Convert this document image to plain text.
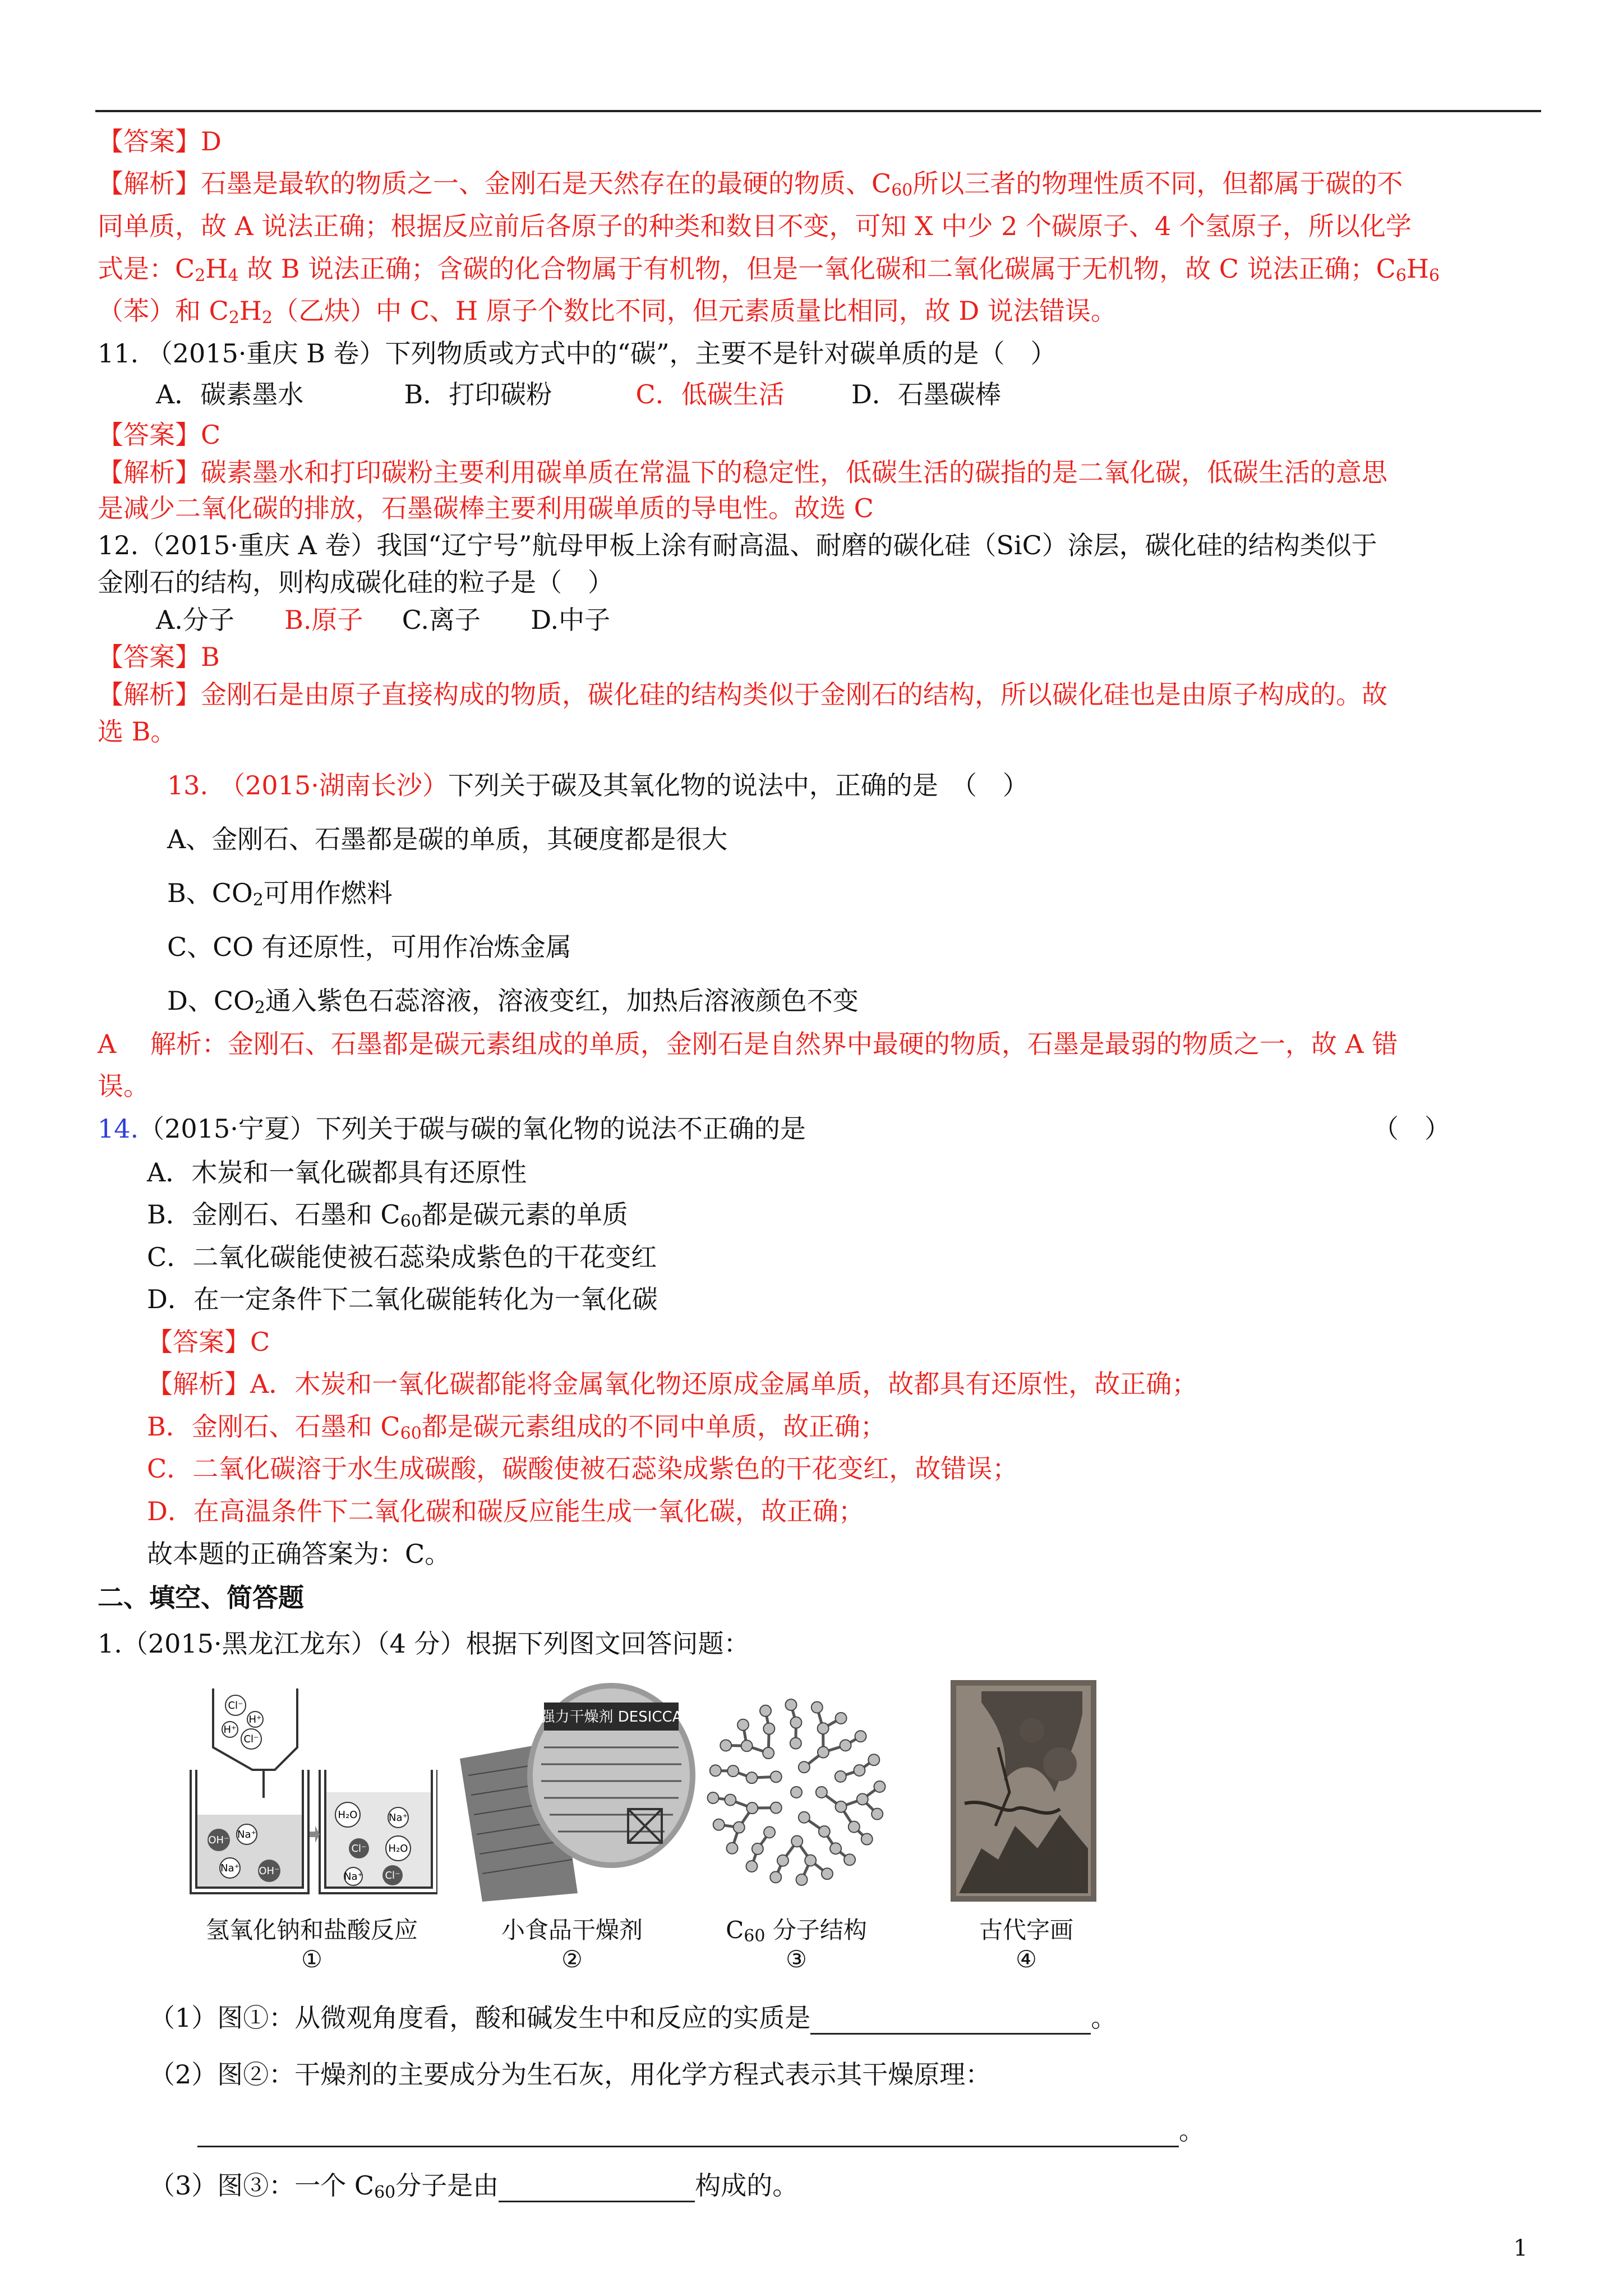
【答案】D
【解析】石墨是最软的物质之一、金刚石是天然存在的最硬的物质、$C_{60}$所以三者的物理性质不同，但都属于碳的不
同单质，故 A 说法正确；根据反应前后各原子的种类和数目不变，可知 X 中少 2 个碳原子、4 个氢原子，所以化学
式是：$C_2H_4$ 故 B 说法正确；含碳的化合物属于有机物，但是一氧化碳和二氧化碳属于无机物，故 C 说法正确；$C_6H_6$
（苯）和 $C_2H_2$（乙炔）中 C、H 原子个数比不同，但元素质量比相同，故 D 说法错误。
11. （2015·重庆 B 卷）下列物质或方式中的“碳”，主要不是针对碳单质的是（　）
A．碳素墨水	B．打印碳粉	C．低碳生活	D．石墨碳棒
【答案】C
【解析】碳素墨水和打印碳粉主要利用碳单质在常温下的稳定性，低碳生活的碳指的是二氧化碳，低碳生活的意思
是减少二氧化碳的排放，石墨碳棒主要利用碳单质的导电性。故选 C
12.（2015·重庆 A 卷）我国“辽宁号”航母甲板上涂有耐高温、耐磨的碳化硅（SiC）涂层，碳化硅的结构类似于
金刚石的结构，则构成碳化硅的粒子是（　）
A.分子 B.原子 C.离子 D.中子
【答案】B
【解析】金刚石是由原子直接构成的物质，碳化硅的结构类似于金刚石的结构，所以碳化硅也是由原子构成的。故
选 B。
13. （2015·湖南长沙）下列关于碳及其氧化物的说法中，正确的是　（　）
A、金刚石、石墨都是碳的单质，其硬度都是很大
B、$CO_2$可用作燃料
C、CO 有还原性，可用作冶炼金属
D、$CO_2$通入紫色石蕊溶液，溶液变红，加热后溶液颜色不变
A　 解析：金刚石、石墨都是碳元素组成的单质，金刚石是自然界中最硬的物质，石墨是最弱的物质之一，故 A 错
误。
14.（2015·宁夏）下列关于碳与碳的氧化物的说法不正确的是	（　）
A．木炭和一氧化碳都具有还原性
B．金刚石、石墨和 $C_{60}$都是碳元素的单质
C．二氧化碳能使被石蕊染成紫色的干花变红
D．在一定条件下二氧化碳能转化为一氧化碳
【答案】C
【解析】A．木炭和一氧化碳都能将金属氧化物还原成金属单质，故都具有还原性，故正确；
B．金刚石、石墨和 $C_{60}$都是碳元素组成的不同中单质，故正确；
C．二氧化碳溶于水生成碳酸，碳酸使被石蕊染成紫色的干花变红，故错误；
D．在高温条件下二氧化碳和碳反应能生成一氧化碳，故正确；
故本题的正确答案为：C。
二、填空、简答题
1.（2015·黑龙江龙东）（4 分）根据下列图文回答问题：
Cl⁻
H⁺
H⁺
Cl⁻
OH⁻ Na⁺
Na⁺ OH⁻
H₂O	Na⁺
Cl⁻ H₂O
Na⁺ Cl⁻
强力干燥剂 DESICCA
氢氧化钠和盐酸反应
①
小食品干燥剂
②
$C_{60}$ 分子结构
③
古代字画
④
（1）图①：从微观角度看，酸和碱发生中和反应的实质是	。
（2）图②：干燥剂的主要成分为生石灰，用化学方程式表示其干燥原理：
。
（3）图③：一个 $C_{60}$分子是由	构成的。
1
